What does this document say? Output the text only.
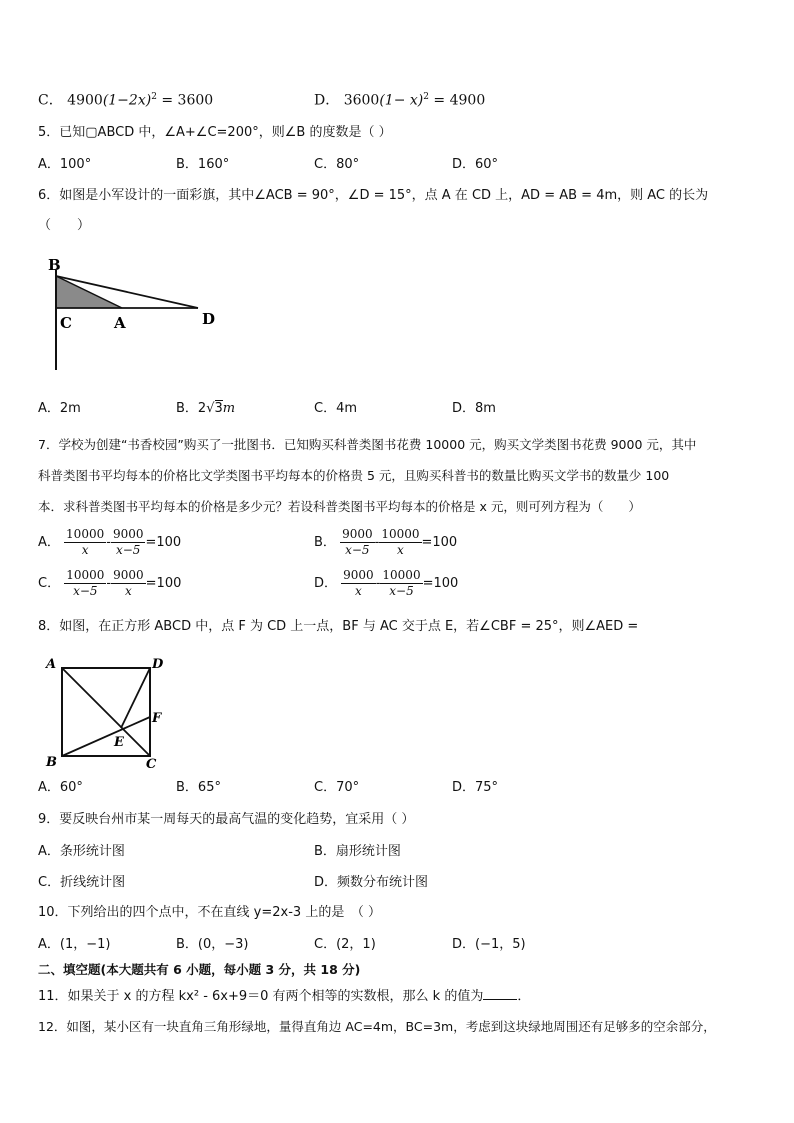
C． $4900(1-2x)^2 = 3600$	D． $3600(1- x)^2 = 4900$
5．已知▢ABCD 中，∠A+∠C=200°，则∠B 的度数是（ ）
A．100°	B．160°	C．80°	D．60°
6．如图是小军设计的一面彩旗，其中∠ACB = 90°，∠D = 15°，点 A 在 CD 上，AD = AB = 4m，则 AC 的长为
（　　）
B
C	A	D
A．2m	B．2√3m	C．4m	D．8m
7．学校为创建“书香校园”购买了一批图书．已知购买科普类图书花费 10000 元，购买文学类图书花费 9000 元，其中
科普类图书平均每本的价格比文学类图书平均每本的价格贵 5 元，且购买科普书的数量比购买文学书的数量少 100
本．求科普类图书平均每本的价格是多少元？若设科普类图书平均每本的价格是 x 元，则可列方程为（　　）
A． $\frac{10000}{x} - \frac{9000}{x-5} =100$	B． $\frac{9000}{x-5} - \frac{10000}{x} =100$
C． $\frac{10000}{x-5} - \frac{9000}{x} =100$	D． $\frac{9000}{x} - \frac{10000}{x-5} =100$
8．如图，在正方形 ABCD 中，点 F 为 CD 上一点，BF 与 AC 交于点 E，若∠CBF = 25°，则∠AED =
A	D
B	C
E
F
A．60°	B．65°	C．70°	D．75°
9．要反映台州市某一周每天的最高气温的变化趋势，宜采用（ ）
A．条形统计图	B．扇形统计图
C．折线统计图	D．频数分布统计图
10．下列给出的四个点中，不在直线 y=2x-3 上的是　（ ）
A．(1，−1)	B．(0，−3)	C．(2，1)	D．(−1，5)
二、填空题(本大题共有 6 小题，每小题 3 分，共 18 分)
11．如果关于 x 的方程 kx² - 6x+9＝0 有两个相等的实数根，那么 k 的值为	．
12．如图，某小区有一块直角三角形绿地，量得直角边 AC=4m，BC=3m，考虑到这块绿地周围还有足够多的空余部分，
